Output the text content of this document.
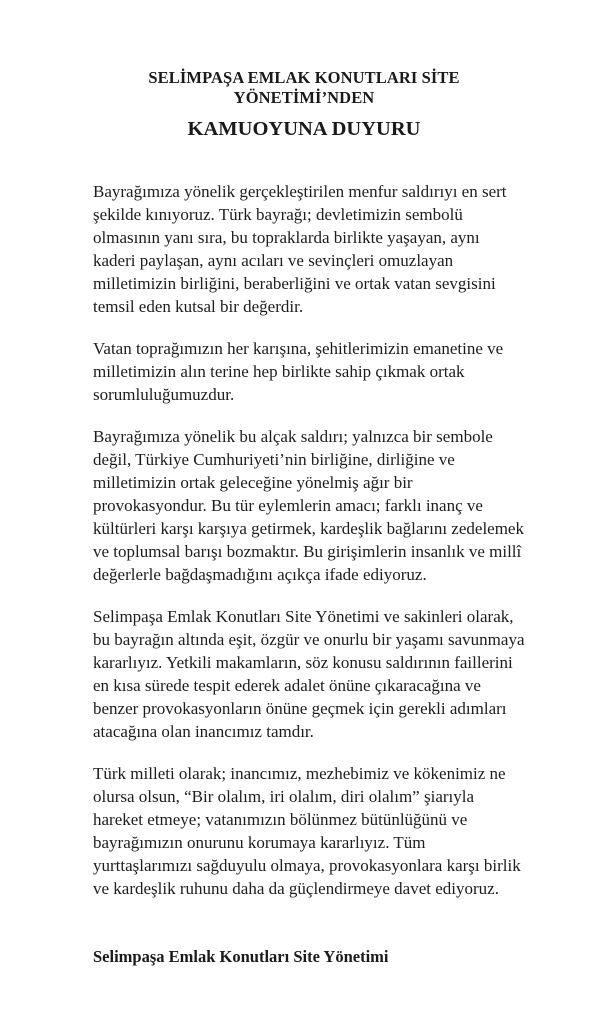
SELİMPAŞA EMLAK KONUTLARI SİTE

YÖNETİMİ’NDEN

KAMUOYUNA DUYURU

Bayrağımıza yönelik gerçekleştirilen menfur saldırıyı en sert şekilde kınıyoruz. Türk bayrağı; devletimizin sembolü olmasının yanı sıra, bu topraklarda birlikte yaşayan, aynı kaderi paylaşan, aynı acıları ve sevinçleri omuzlayan milletimizin birliğini, beraberliğini ve ortak vatan sevgisini temsil eden kutsal bir değerdir.

Vatan toprağımızın her karışına, şehitlerimizin emanetine ve milletimizin alın terine hep birlikte sahip çıkmak ortak sorumluluğumuzdur.

Bayrağımıza yönelik bu alçak saldırı; yalnızca bir sembole değil, Türkiye Cumhuriyeti’nin birliğine, dirliğine ve milletimizin ortak geleceğine yönelmiş ağır bir provokasyondur. Bu tür eylemlerin amacı; farklı inanç ve kültürleri karşı karşıya getirmek, kardeşlik bağlarını zedelemek ve toplumsal barışı bozmaktır. Bu girişimlerin insanlık ve millî değerlerle bağdaşmadığını açıkça ifade ediyoruz.

Selimpaşa Emlak Konutları Site Yönetimi ve sakinleri olarak, bu bayrağın altında eşit, özgür ve onurlu bir yaşamı savunmaya kararlıyız. Yetkili makamların, söz konusu saldırının faillerini en kısa sürede tespit ederek adalet önüne çıkaracağına ve benzer provokasyonların önüne geçmek için gerekli adımları atacağına olan inancımız tamdır.

Türk milleti olarak; inancımız, mezhebimiz ve kökenimiz ne olursa olsun, “Bir olalım, iri olalım, diri olalım” şiarıyla hareket etmeye; vatanımızın bölünmez bütünlüğünü ve bayrağımızın onurunu korumaya kararlıyız. Tüm yurttaşlarımızı sağduyulu olmaya, provokasyonlara karşı birlik ve kardeşlik ruhunu daha da güçlendirmeye davet ediyoruz.

Selimpaşa Emlak Konutları Site Yönetimi
